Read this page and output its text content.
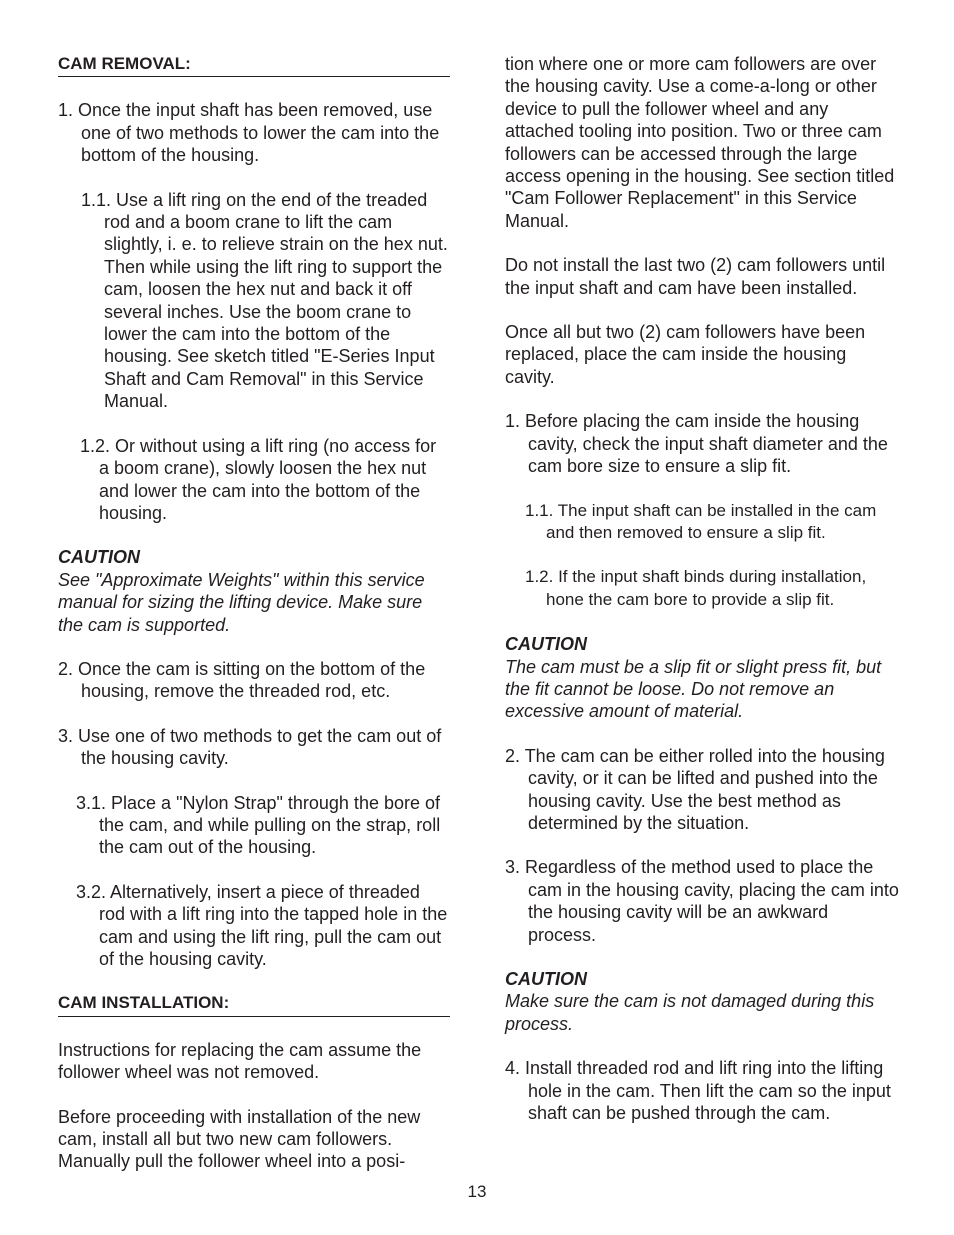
CAM REMOVAL:
1. Once the input shaft has been removed, use one of two methods to lower the cam into the bottom of the housing.
1.1. Use a lift ring on the end of the treaded rod and a boom crane to lift the cam slightly, i. e. to relieve strain on the hex nut. Then while using the lift ring to support the cam, loosen the hex nut and back it off several inches. Use the boom crane to lower the cam into the bottom of the housing. See sketch titled "E-Series Input Shaft and Cam Removal" in this Service Manual.
1.2. Or without using a lift ring (no access for a boom crane), slowly loosen the hex nut and lower the cam into the bottom of the housing.
CAUTION
See "Approximate Weights" within this service manual for sizing the lifting device. Make sure the cam is supported.
2. Once the cam is sitting on the bottom of the housing, remove the threaded rod, etc.
3. Use one of two methods to get the cam out of the housing cavity.
3.1. Place a "Nylon Strap" through the bore of the cam, and while pulling on the strap, roll the cam out of the housing.
3.2. Alternatively, insert a piece of threaded rod with a lift ring into the tapped hole in the cam and using the lift ring, pull the cam out of the housing cavity.
CAM INSTALLATION:
Instructions for replacing the cam assume the follower wheel was not removed.
Before proceeding with installation of the new cam, install all but two new cam followers. Manually pull the follower wheel into a posi-
tion where one or more cam followers are over the housing cavity. Use a come-a-long or other device to pull the follower wheel and any attached tooling into position. Two or three cam followers can be accessed through the large access opening in the housing. See section titled "Cam Follower Replacement" in this Service Manual.
Do not install the last two (2) cam followers until the input shaft and cam have been installed.
Once all but two (2) cam followers have been replaced, place the cam inside the housing cavity.
1. Before placing the cam inside the housing cavity, check the input shaft diameter and the cam bore size to ensure a slip fit.
1.1. The input shaft can be installed in the cam and then removed to ensure a slip fit.
1.2. If the input shaft binds during installation, hone the cam bore to provide a slip fit.
CAUTION
The cam must be a slip fit or slight press fit, but the fit cannot be loose. Do not remove an excessive amount of material.
2. The cam can be either rolled into the housing cavity, or it can be lifted and pushed into the housing cavity. Use the best method as determined by the situation.
3. Regardless of the method used to place the cam in the housing cavity, placing the cam into the housing cavity will be an awkward process.
CAUTION
Make sure the cam is not damaged during this process.
4. Install threaded rod and lift ring into the lifting hole in the cam. Then lift the cam so the input shaft can be pushed through the cam.
13
